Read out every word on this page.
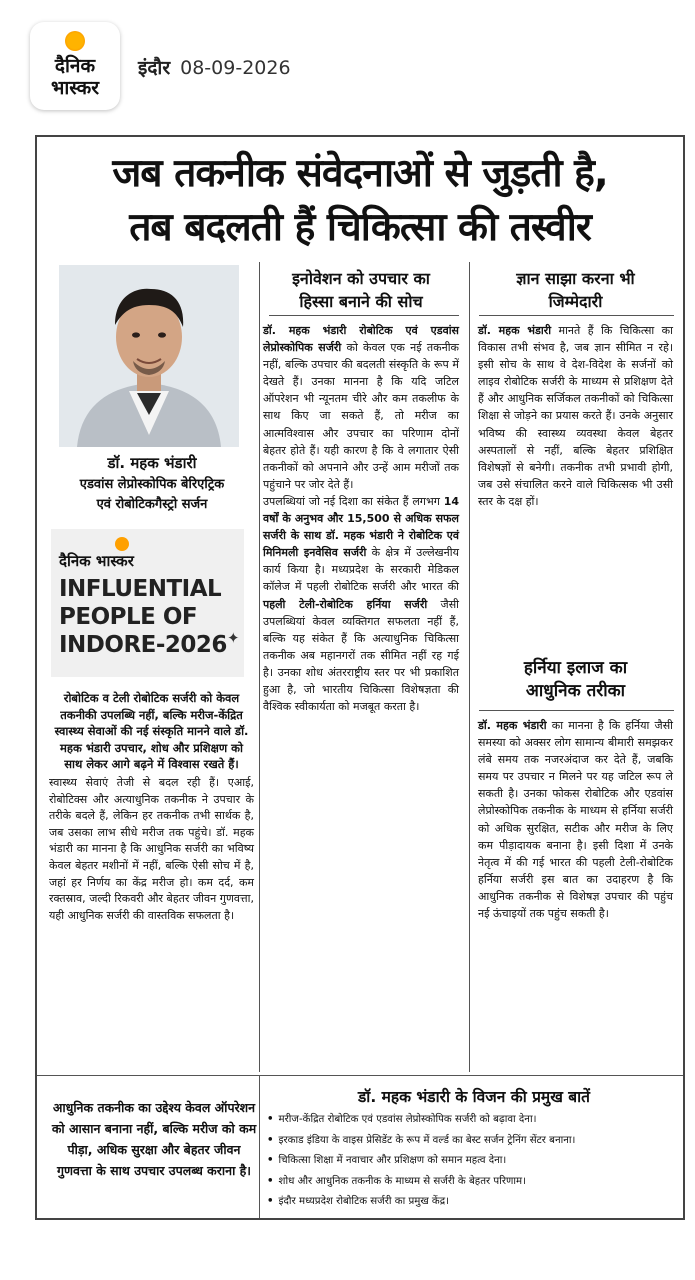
दैनिक
भास्कर
इंदौर 08-09-2026
जब तकनीक संवेदनाओं से जुड़ती है,
तब बदलती हैं चिकित्सा की तस्वीर
डॉ. महक भंडारी
एडवांस लेप्रोस्कोपिक बेरिएट्रिक
एवं रोबोटिकगैस्ट्रो सर्जन
दैनिक भास्कर
INFLUENTIAL
PEOPLE OF
INDORE-2026 ✦

रोबोटिक व टेली रोबोटिक सर्जरी को केवल तकनीकी उपलब्धि नहीं, बल्कि मरीज-केंद्रित स्वास्थ्य सेवाओं की नई संस्कृति मानने वाले डॉ. महक भंडारी उपचार, शोध और प्रशिक्षण को साथ लेकर आगे बढ़ने में विश्वास रखते हैं।

स्वास्थ्य सेवाएं तेजी से बदल रही हैं। एआई, रोबोटिक्स और अत्याधुनिक तकनीक ने उपचार के तरीके बदले हैं, लेकिन हर तकनीक तभी सार्थक है, जब उसका लाभ सीधे मरीज तक पहुंचे। डॉ. महक भंडारी का मानना है कि आधुनिक सर्जरी का भविष्य केवल बेहतर मशीनों में नहीं, बल्कि ऐसी सोच में है, जहां हर निर्णय का केंद्र मरीज हो। कम दर्द, कम रक्तस्राव, जल्दी रिकवरी और बेहतर जीवन गुणवत्ता, यही आधुनिक सर्जरी की वास्तविक सफलता है।

इनोवेशन को उपचार का
हिस्सा बनाने की सोच

डॉ. महक भंडारी रोबोटिक एवं एडवांस लेप्रोस्कोपिक सर्जरी को केवल एक नई तकनीक नहीं, बल्कि उपचार की बदलती संस्कृति के रूप में देखते हैं। उनका मानना है कि यदि जटिल ऑपरेशन भी न्यूनतम चीरे और कम तकलीफ के साथ किए जा सकते हैं, तो मरीज का आत्मविश्वास और उपचार का परिणाम दोनों बेहतर होते हैं। यही कारण है कि वे लगातार ऐसी तकनीकों को अपनाने और उन्हें आम मरीजों तक पहुंचाने पर जोर देते हैं।

उपलब्धियां जो नई दिशा का संकेत हैं लगभग 14 वर्षों के अनुभव और 15,500 से अधिक सफल सर्जरी के साथ डॉ. महक भंडारी ने रोबोटिक एवं मिनिमली इनवेसिव सर्जरी के क्षेत्र में उल्लेखनीय कार्य किया है। मध्यप्रदेश के सरकारी मेडिकल कॉलेज में पहली रोबोटिक सर्जरी और भारत की पहली टेली-रोबोटिक हर्निया सर्जरी जैसी उपलब्धियां केवल व्यक्तिगत सफलता नहीं हैं, बल्कि यह संकेत हैं कि अत्याधुनिक चिकित्सा तकनीक अब महानगरों तक सीमित नहीं रह गई है। उनका शोध अंतरराष्ट्रीय स्तर पर भी प्रकाशित हुआ है, जो भारतीय चिकित्सा विशेषज्ञता की वैश्विक स्वीकार्यता को मजबूत करता है।

ज्ञान साझा करना भी
जिम्मेदारी

डॉ. महक भंडारी मानते हैं कि चिकित्सा का विकास तभी संभव है, जब ज्ञान सीमित न रहे। इसी सोच के साथ वे देश-विदेश के सर्जनों को लाइव रोबोटिक सर्जरी के माध्यम से प्रशिक्षण देते हैं और आधुनिक सर्जिकल तकनीकों को चिकित्सा शिक्षा से जोड़ने का प्रयास करते हैं। उनके अनुसार भविष्य की स्वास्थ्य व्यवस्था केवल बेहतर अस्पतालों से नहीं, बल्कि बेहतर प्रशिक्षित विशेषज्ञों से बनेगी। तकनीक तभी प्रभावी होगी, जब उसे संचालित करने वाले चिकित्सक भी उसी स्तर के दक्ष हों।

हर्निया इलाज का
आधुनिक तरीका

डॉ. महक भंडारी का मानना है कि हर्निया जैसी समस्या को अक्सर लोग सामान्य बीमारी समझकर लंबे समय तक नजरअंदाज कर देते हैं, जबकि समय पर उपचार न मिलने पर यह जटिल रूप ले सकती है। उनका फोकस रोबोटिक और एडवांस लेप्रोस्कोपिक तकनीक के माध्यम से हर्निया सर्जरी को अधिक सुरक्षित, सटीक और मरीज के लिए कम पीड़ादायक बनाना है। इसी दिशा में उनके नेतृत्व में की गई भारत की पहली टेली-रोबोटिक हर्निया सर्जरी इस बात का उदाहरण है कि आधुनिक तकनीक से विशेषज्ञ उपचार की पहुंच नई ऊंचाइयों तक पहुंच सकती है।

आधुनिक तकनीक का उद्देश्य केवल ऑपरेशन को आसान बनाना नहीं, बल्कि मरीज को कम पीड़ा, अधिक सुरक्षा और बेहतर जीवन गुणवत्ता के साथ उपचार उपलब्ध कराना है।
डॉ. महक भंडारी के विजन की प्रमुख बातें
• मरीज-केंद्रित रोबोटिक एवं एडवांस लेप्रोस्कोपिक सर्जरी को बढ़ावा देना।
• इरकाड इंडिया के वाइस प्रेसिडेंट के रूप में वर्ल्ड का बेस्ट सर्जन ट्रेनिंग सेंटर बनाना।
• चिकित्सा शिक्षा में नवाचार और प्रशिक्षण को समान महत्व देना।
• शोध और आधुनिक तकनीक के माध्यम से सर्जरी के बेहतर परिणाम।
• इंदौर मध्यप्रदेश रोबोटिक सर्जरी का प्रमुख केंद्र।
